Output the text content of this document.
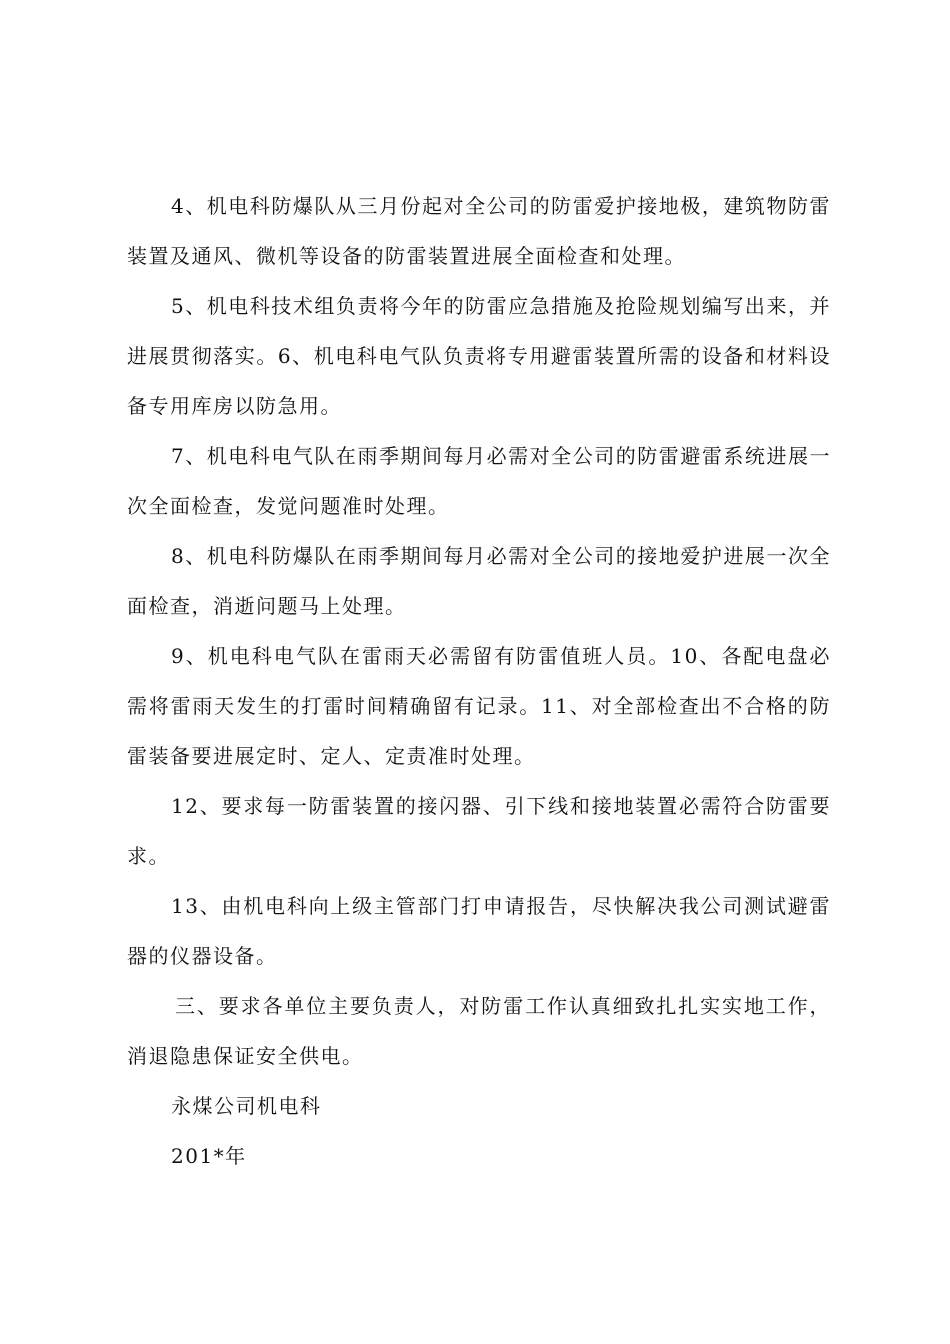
4、机电科防爆队从三月份起对全公司的防雷爱护接地极，建筑物防雷装置及通风、微机等设备的防雷装置进展全面检查和处理。

5、机电科技术组负责将今年的防雷应急措施及抢险规划编写出来，并进展贯彻落实。6、机电科电气队负责将专用避雷装置所需的设备和材料设备专用库房以防急用。

7、机电科电气队在雨季期间每月必需对全公司的防雷避雷系统进展一次全面检查，发觉问题准时处理。

8、机电科防爆队在雨季期间每月必需对全公司的接地爱护进展一次全面检查，消逝问题马上处理。

9、机电科电气队在雷雨天必需留有防雷值班人员。10、各配电盘必需将雷雨天发生的打雷时间精确留有记录。11、对全部检查出不合格的防雷装备要进展定时、定人、定责准时处理。

12、要求每一防雷装置的接闪器、引下线和接地装置必需符合防雷要求。

13、由机电科向上级主管部门打申请报告，尽快解决我公司测试避雷器的仪器设备。

三、要求各单位主要负责人，对防雷工作认真细致扎扎实实地工作，消退隐患保证安全供电。

永煤公司机电科

201*年
